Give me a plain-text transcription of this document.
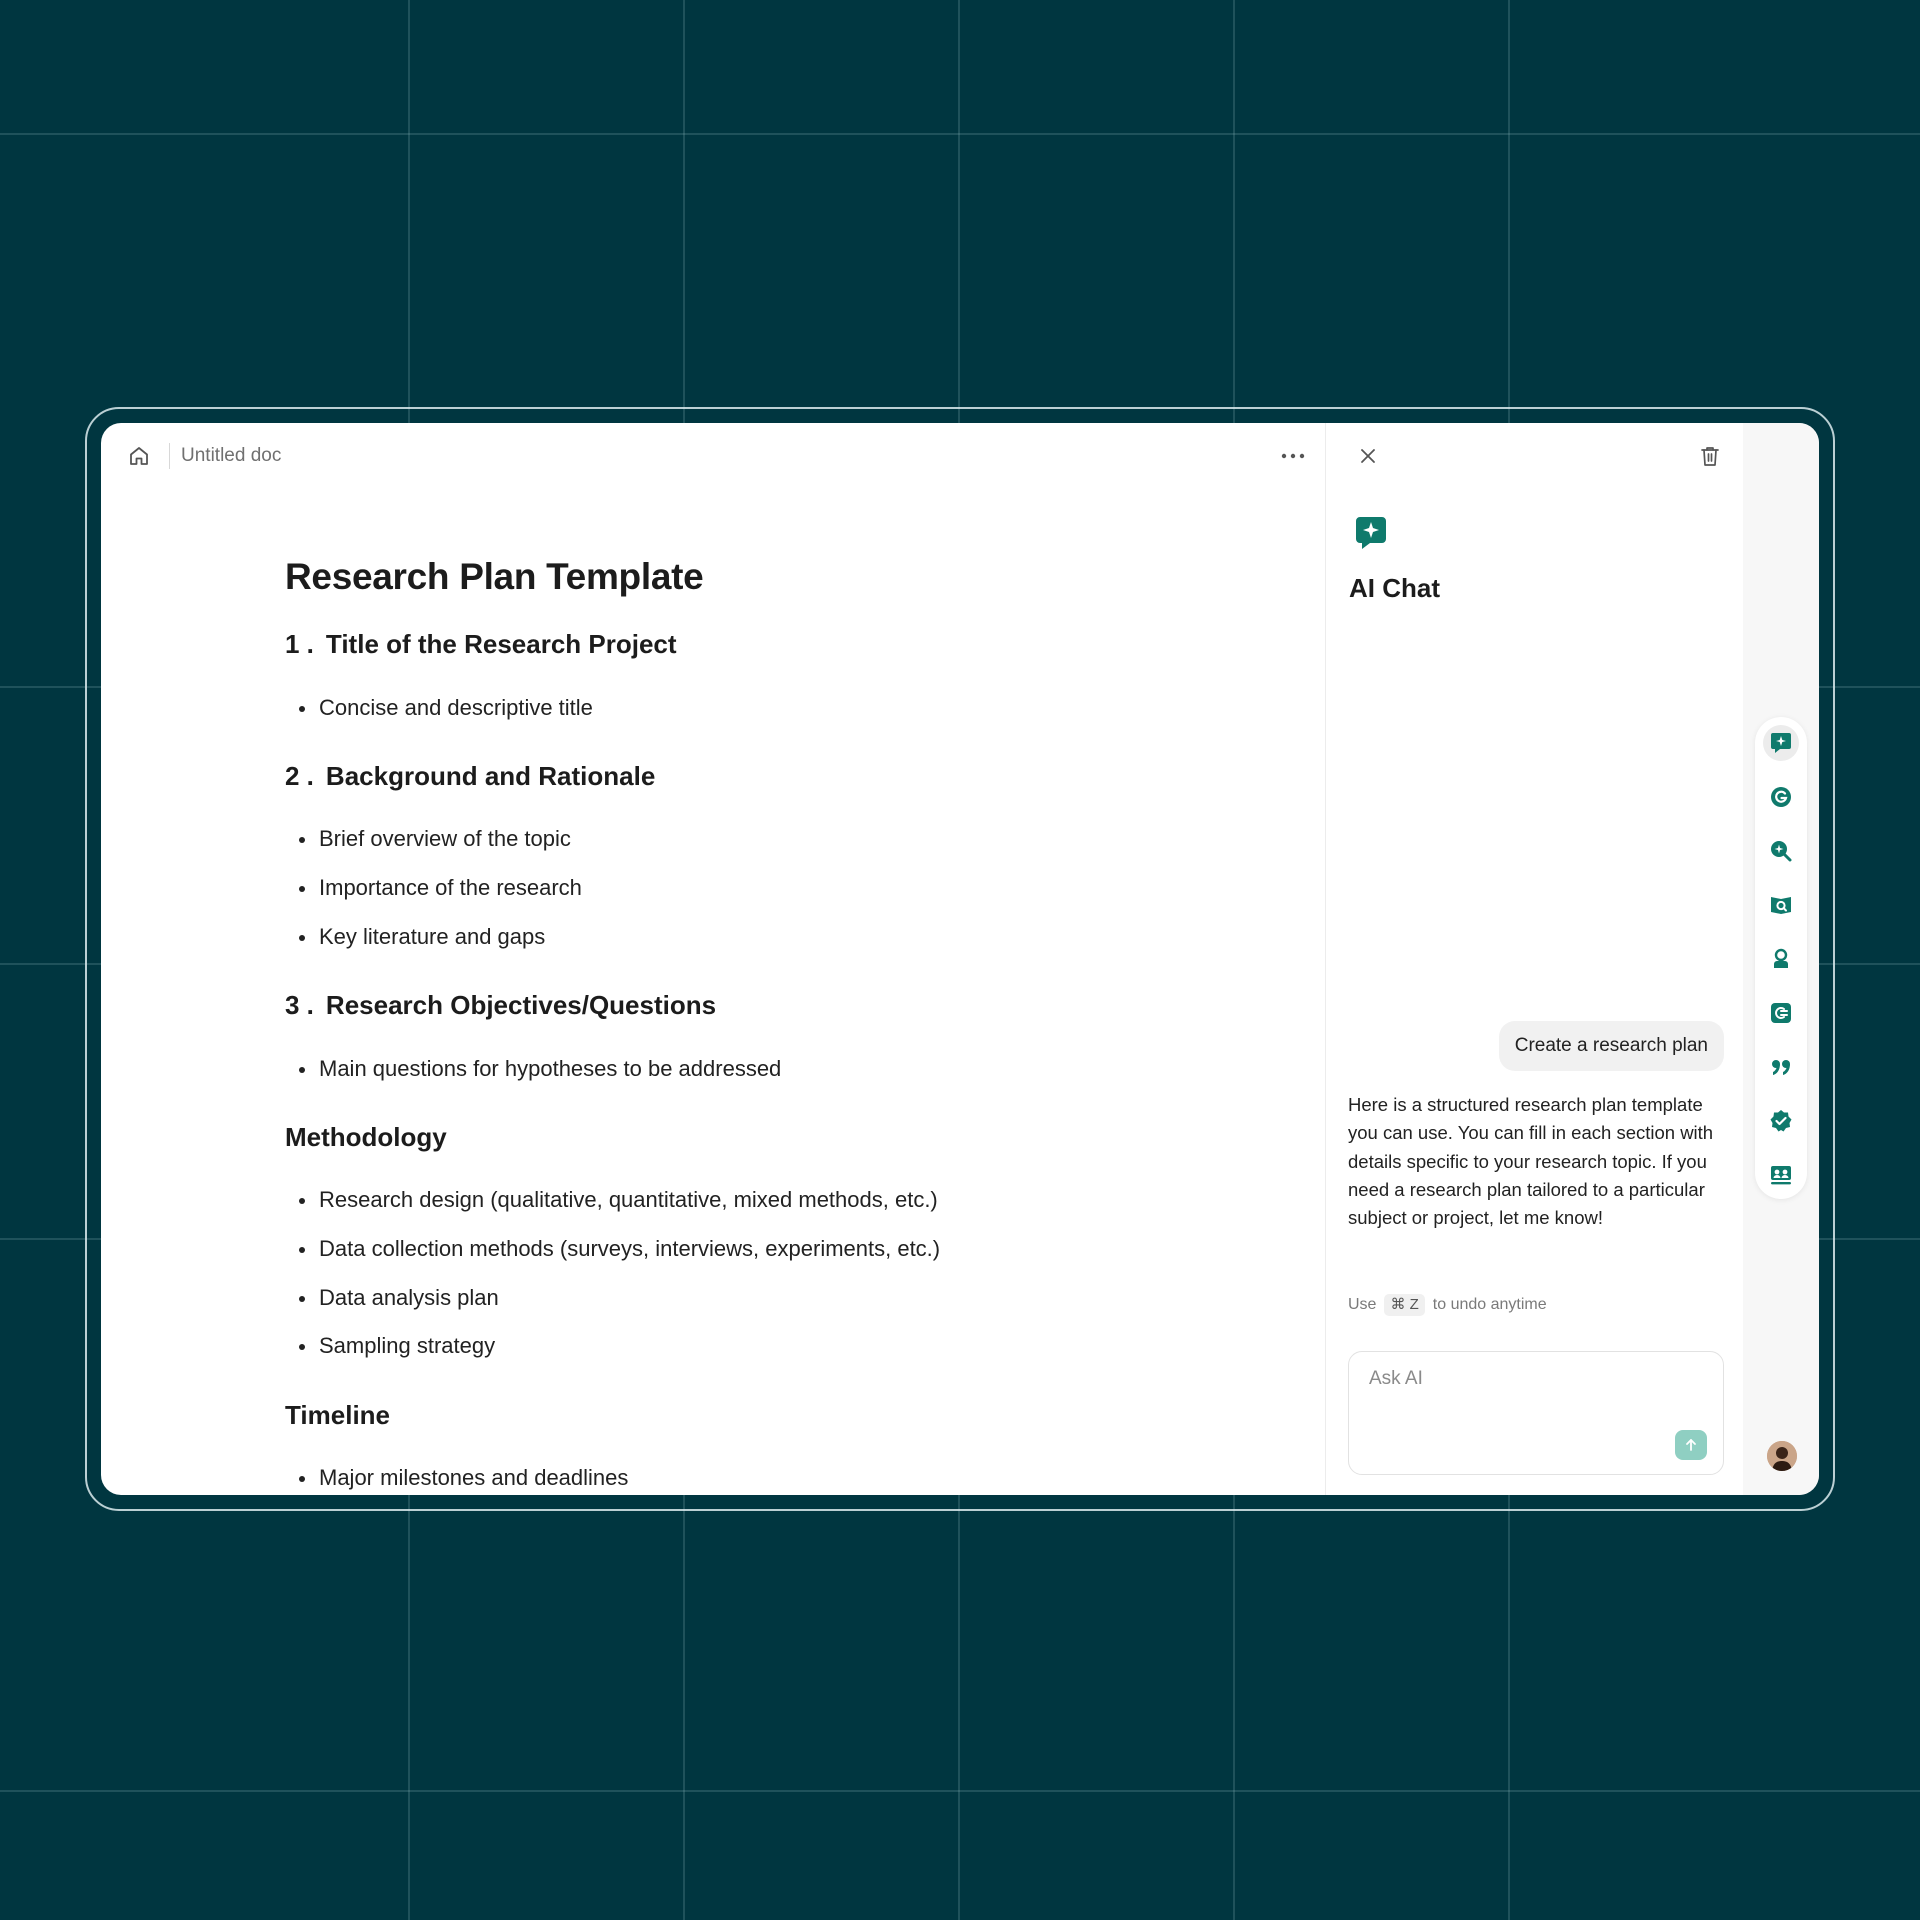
Untitled doc
Research Plan Template
1 . Title of the Research Project
Concise and descriptive title
2 . Background and Rationale
Brief overview of the topic
Importance of the research
Key literature and gaps
3 . Research Objectives/Questions
Main questions for hypotheses to be addressed
Methodology
Research design (qualitative, quantitative, mixed methods, etc.)
Data collection methods (surveys, interviews, experiments, etc.)
Data analysis plan
Sampling strategy
Timeline
Major milestones and deadlines
AI Chat
Create a research plan
Here is a structured research plan template you can use. You can fill in each section with details specific to your research topic. If you need a research plan tailored to a particular subject or project, let me know!
Use ⌘ Z to undo anytime
Ask AI
